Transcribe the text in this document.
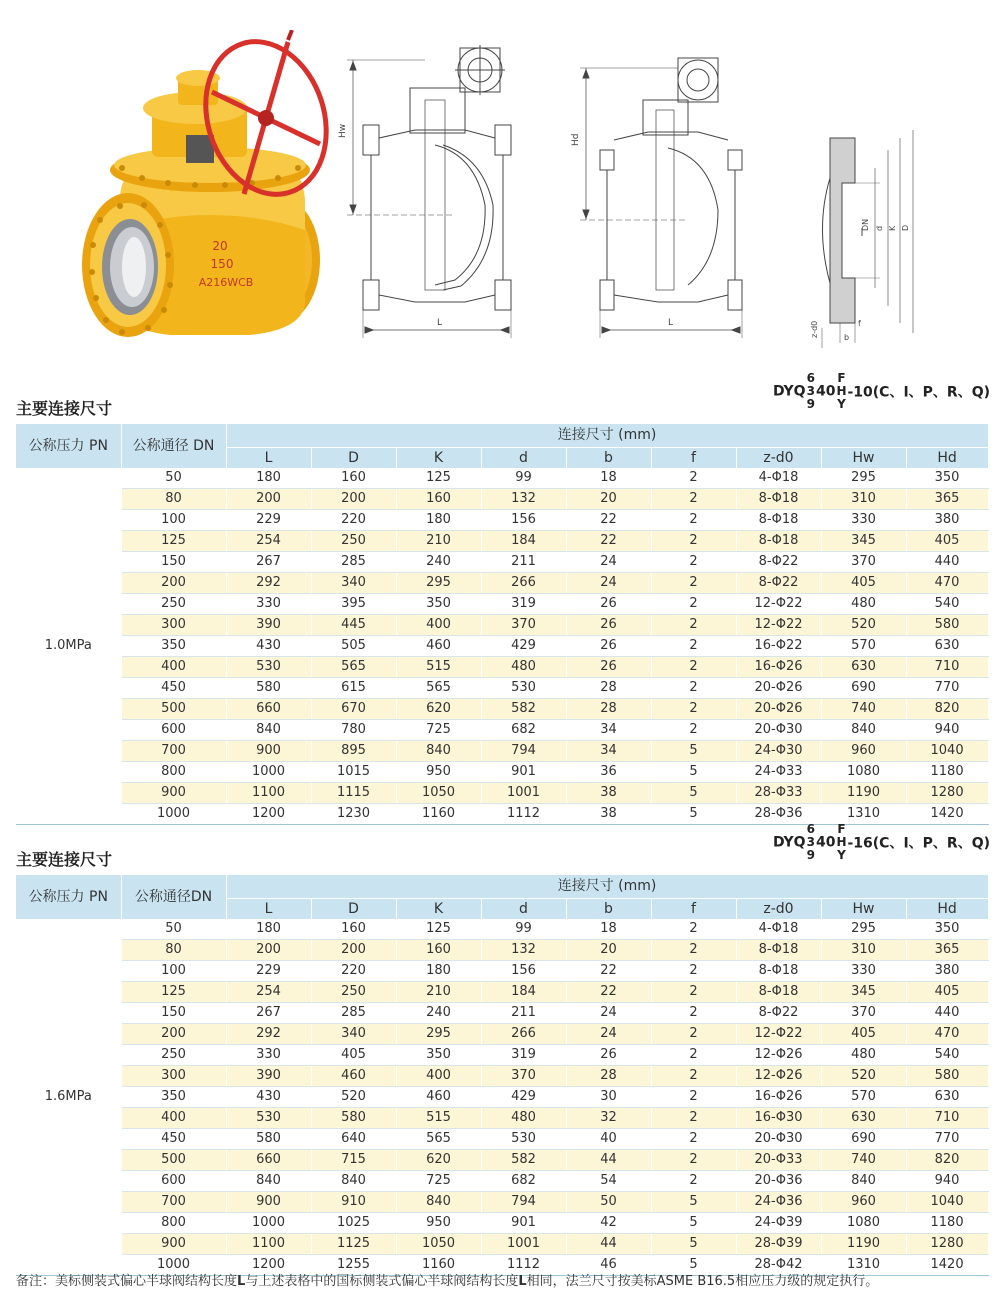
20
150
A216WCB
Hw
L
Hd
L
DN d K D
z-d0	b
f
主要连接尺寸
DYQ
6
3
9
40
F
H
Y
-10(C、I、P、R、Q)
公称压力 PN	公称通径 DN	连接尺寸 (mm)								
		L	D	K	d	b	f	z-d0	Hw	Hd
1.0MPa	50	180	160	125	99	18	2	4-Φ18	295	350
	80	200	200	160	132	20	2	8-Φ18	310	365
	100	229	220	180	156	22	2	8-Φ18	330	380
	125	254	250	210	184	22	2	8-Φ18	345	405
	150	267	285	240	211	24	2	8-Φ22	370	440
	200	292	340	295	266	24	2	8-Φ22	405	470
	250	330	395	350	319	26	2	12-Φ22	480	540
	300	390	445	400	370	26	2	12-Φ22	520	580
	350	430	505	460	429	26	2	16-Φ22	570	630
	400	530	565	515	480	26	2	16-Φ26	630	710
	450	580	615	565	530	28	2	20-Φ26	690	770
	500	660	670	620	582	28	2	20-Φ26	740	820
	600	840	780	725	682	34	2	20-Φ30	840	940
	700	900	895	840	794	34	5	24-Φ30	960	1040
	800	1000	1015	950	901	36	5	24-Φ33	1080	1180
	900	1100	1115	1050	1001	38	5	28-Φ33	1190	1280
	1000	1200	1230	1160	1112	38	5	28-Φ36	1310	1420
主要连接尺寸
DYQ
6
3
9
40
F
H
Y
-16(C、I、P、R、Q)
公称压力 PN	公称通径DN	连接尺寸 (mm)								
		L	D	K	d	b	f	z-d0	Hw	Hd
1.6MPa	50	180	160	125	99	18	2	4-Φ18	295	350
	80	200	200	160	132	20	2	8-Φ18	310	365
	100	229	220	180	156	22	2	8-Φ18	330	380
	125	254	250	210	184	22	2	8-Φ18	345	405
	150	267	285	240	211	24	2	8-Φ22	370	440
	200	292	340	295	266	24	2	12-Φ22	405	470
	250	330	405	350	319	26	2	12-Φ26	480	540
	300	390	460	400	370	28	2	12-Φ26	520	580
	350	430	520	460	429	30	2	16-Φ26	570	630
	400	530	580	515	480	32	2	16-Φ30	630	710
	450	580	640	565	530	40	2	20-Φ30	690	770
	500	660	715	620	582	44	2	20-Φ33	740	820
	600	840	840	725	682	54	2	20-Φ36	840	940
	700	900	910	840	794	50	5	24-Φ36	960	1040
	800	1000	1025	950	901	42	5	24-Φ39	1080	1180
	900	1100	1125	1050	1001	44	5	28-Φ39	1190	1280
	1000	1200	1255	1160	1112	46	5	28-Φ42	1310	1420
备注：美标侧装式偏心半球阀结构长度L与上述表格中的国标侧装式偏心半球阀结构长度L相同，法兰尺寸按美标ASME B16.5相应压力级的规定执行。
